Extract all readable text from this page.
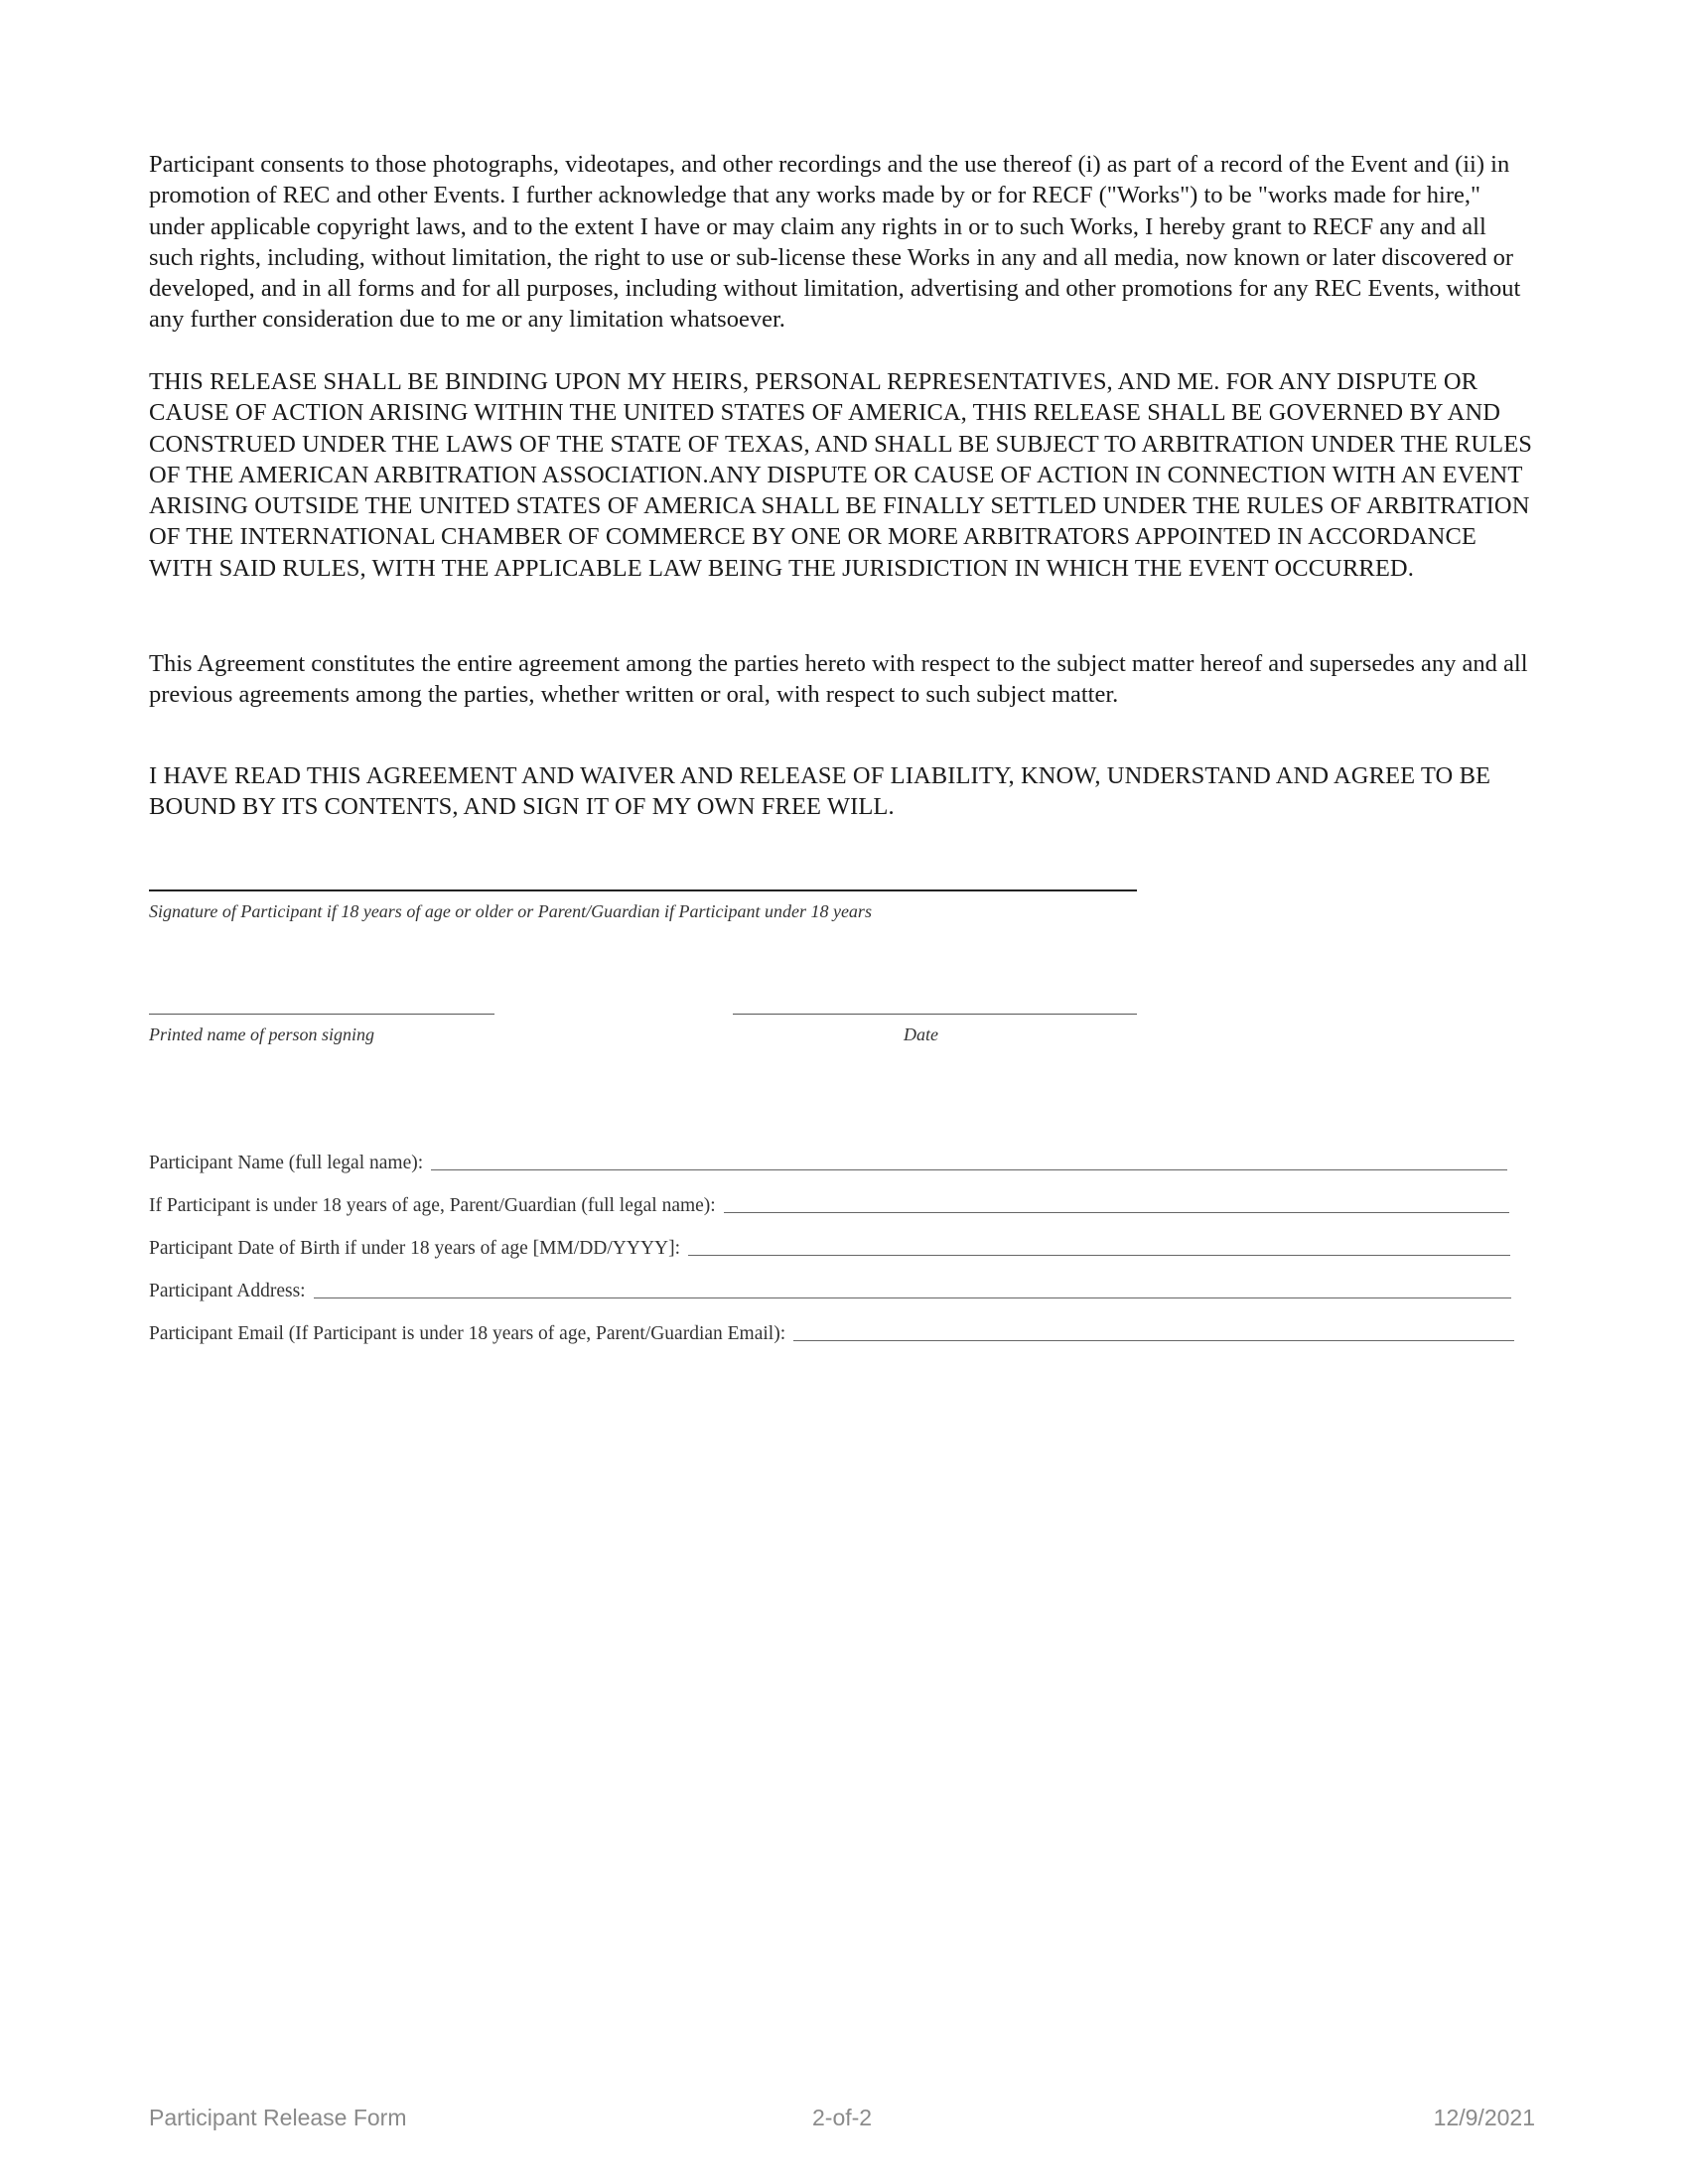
Participant consents to those photographs, videotapes, and other recordings and the use thereof (i) as part of a record of the Event and (ii) in promotion of REC and other Events. I further acknowledge that any works made by or for RECF ("Works") to be "works made for hire," under applicable copyright laws, and to the extent I have or may claim any rights in or to such Works, I hereby grant to RECF any and all such rights, including, without limitation, the right to use or sub-license these Works in any and all media, now known or later discovered or developed, and in all forms and for all purposes, including without limitation, advertising and other promotions for any REC Events, without any further consideration due to me or any limitation whatsoever.

THIS RELEASE SHALL BE BINDING UPON MY HEIRS, PERSONAL REPRESENTATIVES, AND ME. FOR ANY DISPUTE OR CAUSE OF ACTION ARISING WITHIN THE UNITED STATES OF AMERICA, THIS RELEASE SHALL BE GOVERNED BY AND CONSTRUED UNDER THE LAWS OF THE STATE OF TEXAS, AND SHALL BE SUBJECT TO ARBITRATION UNDER THE RULES OF THE AMERICAN ARBITRATION ASSOCIATION.ANY DISPUTE OR CAUSE OF ACTION IN CONNECTION WITH AN EVENT ARISING OUTSIDE THE UNITED STATES OF AMERICA SHALL BE FINALLY SETTLED UNDER THE RULES OF ARBITRATION OF THE INTERNATIONAL CHAMBER OF COMMERCE BY ONE OR MORE ARBITRATORS APPOINTED IN ACCORDANCE WITH SAID RULES, WITH THE APPLICABLE LAW BEING THE JURISDICTION IN WHICH THE EVENT OCCURRED.

This Agreement constitutes the entire agreement among the parties hereto with respect to the subject matter hereof and supersedes any and all previous agreements among the parties, whether written or oral, with respect to such subject matter.

I HAVE READ THIS AGREEMENT AND WAIVER AND RELEASE OF LIABILITY, KNOW, UNDERSTAND AND AGREE TO BE BOUND BY ITS CONTENTS, AND SIGN IT OF MY OWN FREE WILL.

Signature of Participant if 18 years of age or older or Parent/Guardian if Participant under 18 years
Printed name of person signing	Date
Participant Name (full legal name):
If Participant is under 18 years of age, Parent/Guardian (full legal name):
Participant Date of Birth if under 18 years of age [MM/DD/YYYY]:
Participant Address:
Participant Email (If Participant is under 18 years of age, Parent/Guardian Email):
Participant Release Form	2-of-2	12/9/2021
